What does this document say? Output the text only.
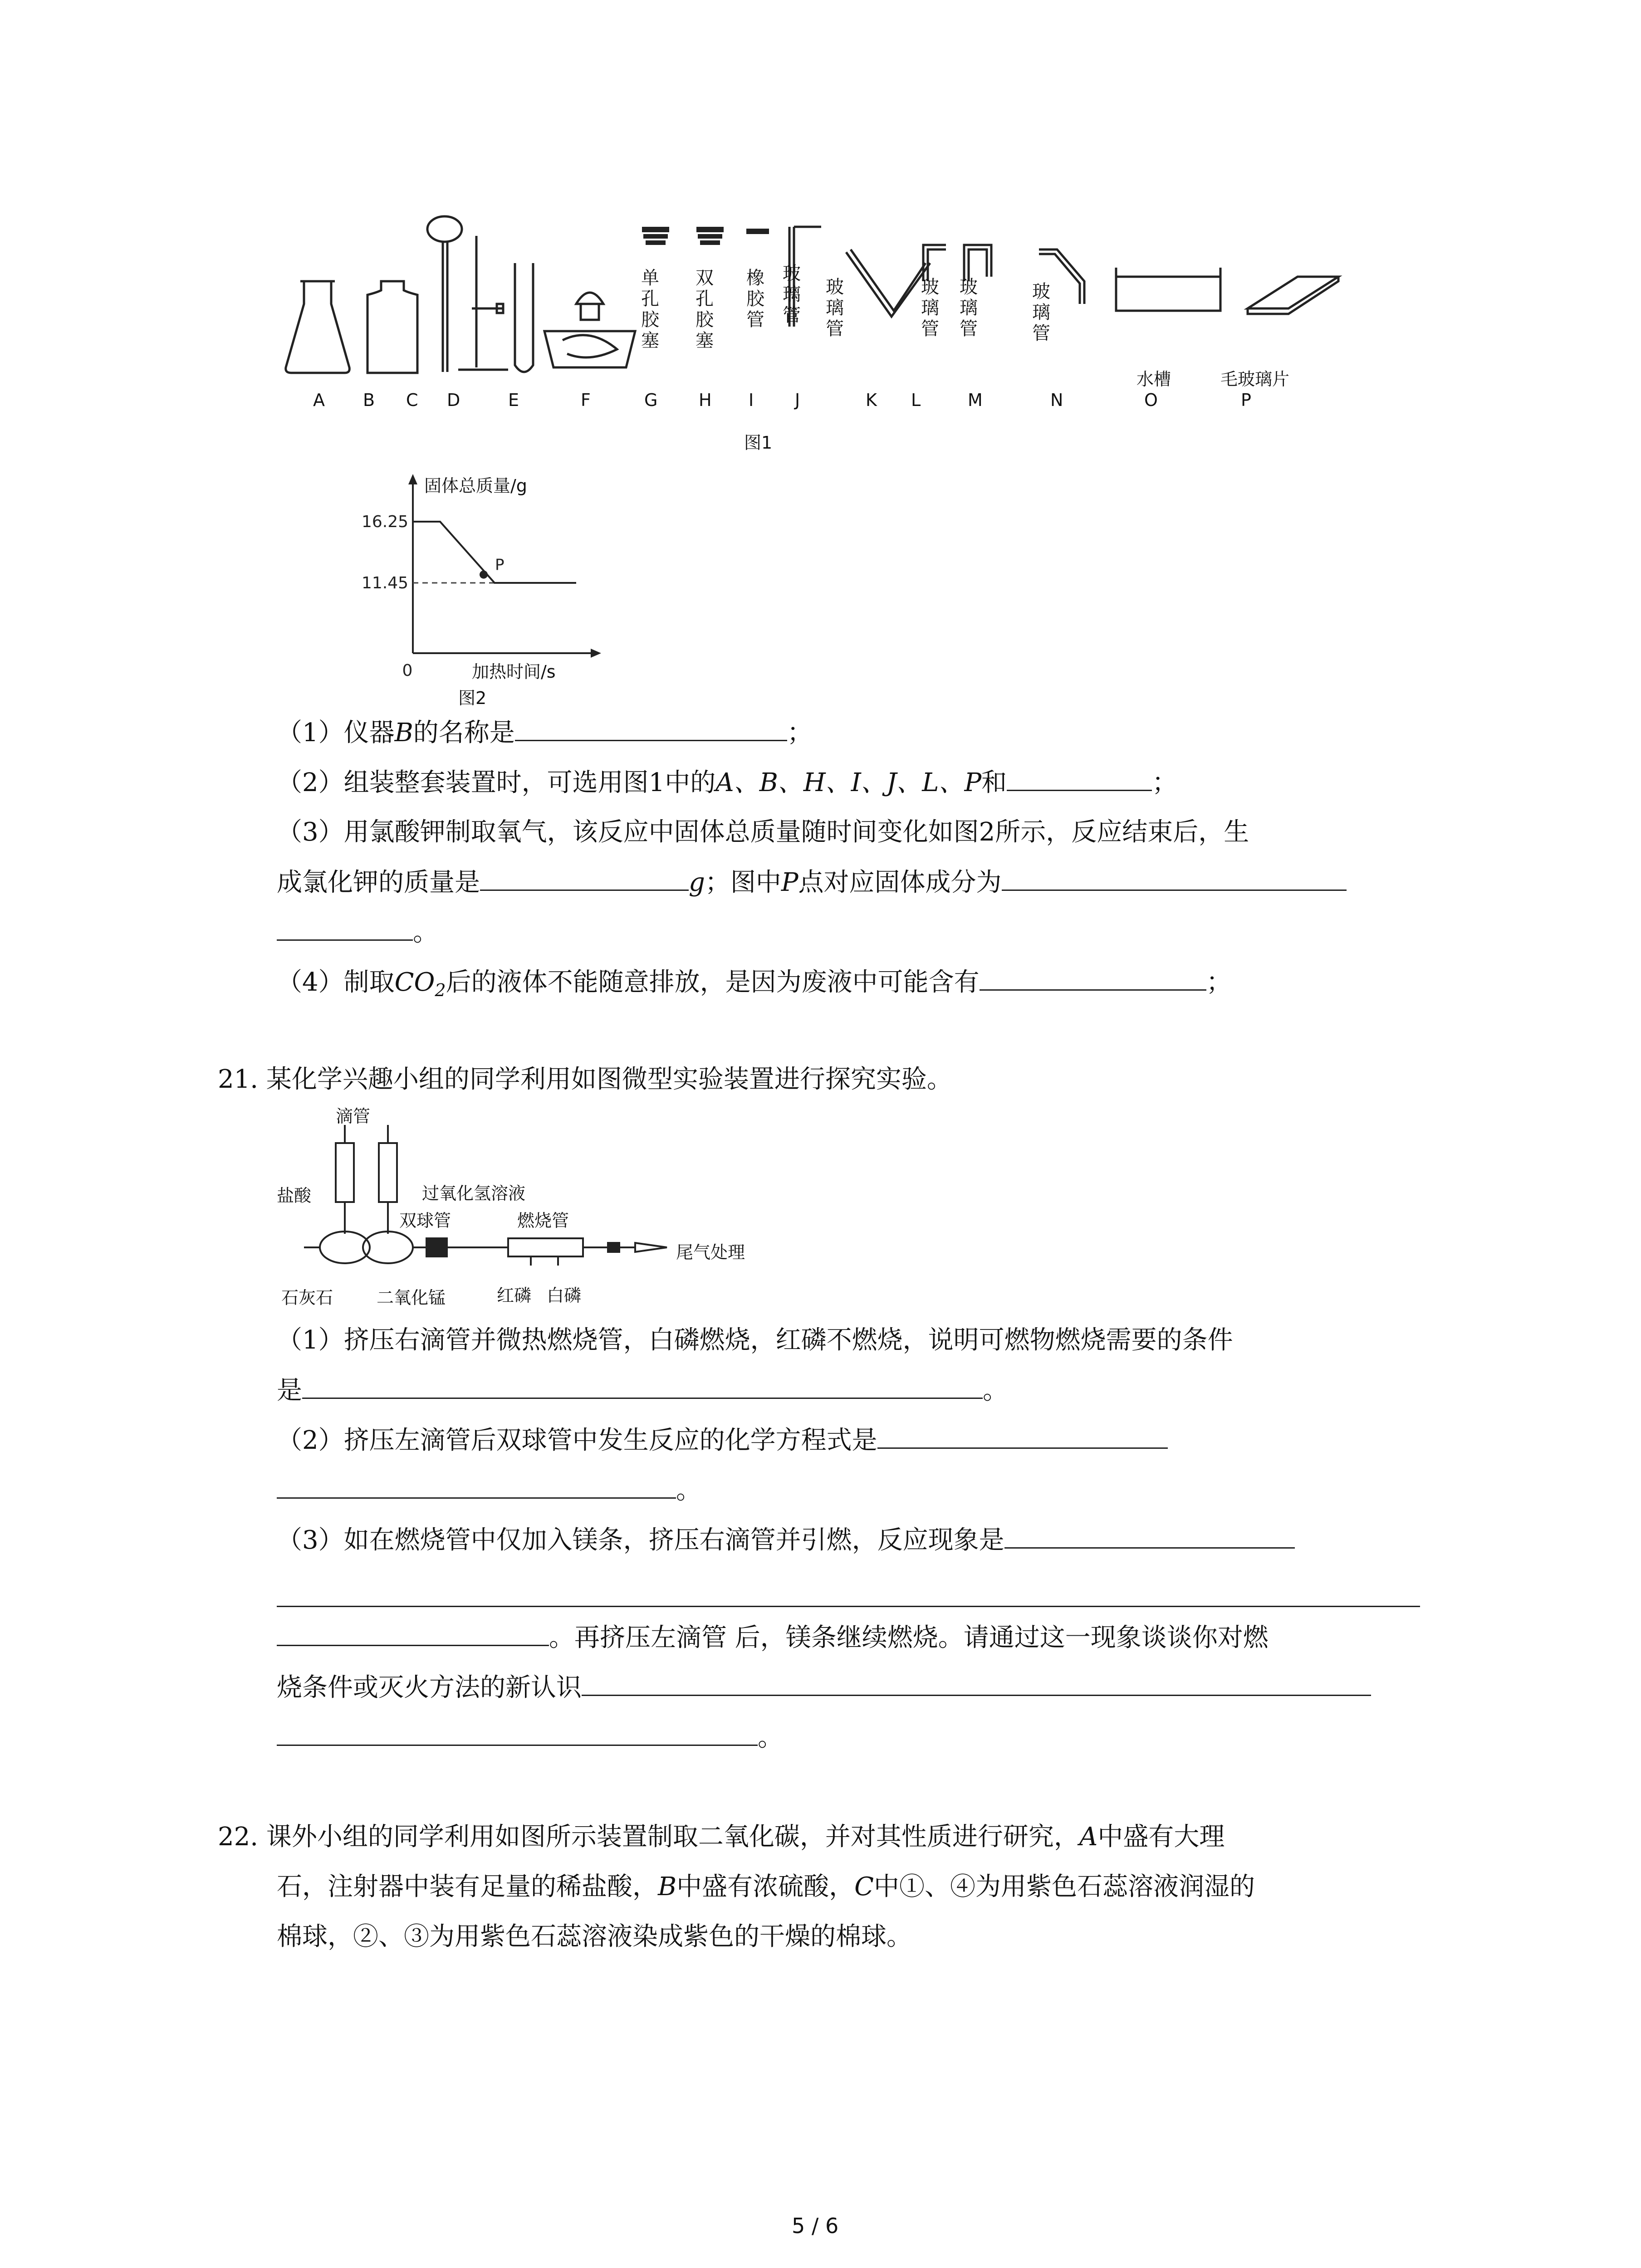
单孔胶塞
双孔胶塞
橡胶管
玻璃管
玻璃管
玻璃管
玻璃管
玻璃管
水槽	毛玻璃片
A B C D	E	F	G H I J	K L	M	N	O	P
图1
16.25
11.45
P
0
固体总质量/g
加热时间/s
图2
（1）仪器B的名称是	；
（2）组装整套装置时，可选用图1中的A、B、H、I、J、L、P和	；
（3）用氯酸钾制取氧气，该反应中固体总质量随时间变化如图2所示，反应结束后，生
成氯化钾的质量是	g；图中P点对应固体成分为
。
（4）制取$CO_2$后的液体不能随意排放，是因为废液中可能含有	；
21. 某化学兴趣小组的同学利用如图微型实验装置进行探究实验。
滴管
盐酸	过氧化氢溶液
双球管	燃烧管
尾气处理
石灰石	二氧化锰	红磷 白磷
（1）挤压右滴管并微热燃烧管，白磷燃烧，红磷不燃烧，说明可燃物燃烧需要的条件
是	。
（2）挤压左滴管后双球管中发生反应的化学方程式是
。
（3）如在燃烧管中仅加入镁条，挤压右滴管并引燃，反应现象是
。再挤压左滴管 后，镁条继续燃烧。请通过这一现象谈谈你对燃
烧条件或灭火方法的新认识
。
22. 课外小组的同学利用如图所示装置制取二氧化碳，并对其性质进行研究，A中盛有大理
石，注射器中装有足量的稀盐酸，B中盛有浓硫酸，C中①、④为用紫色石蕊溶液润湿的
棉球，②、③为用紫色石蕊溶液染成紫色的干燥的棉球。
5 / 6
